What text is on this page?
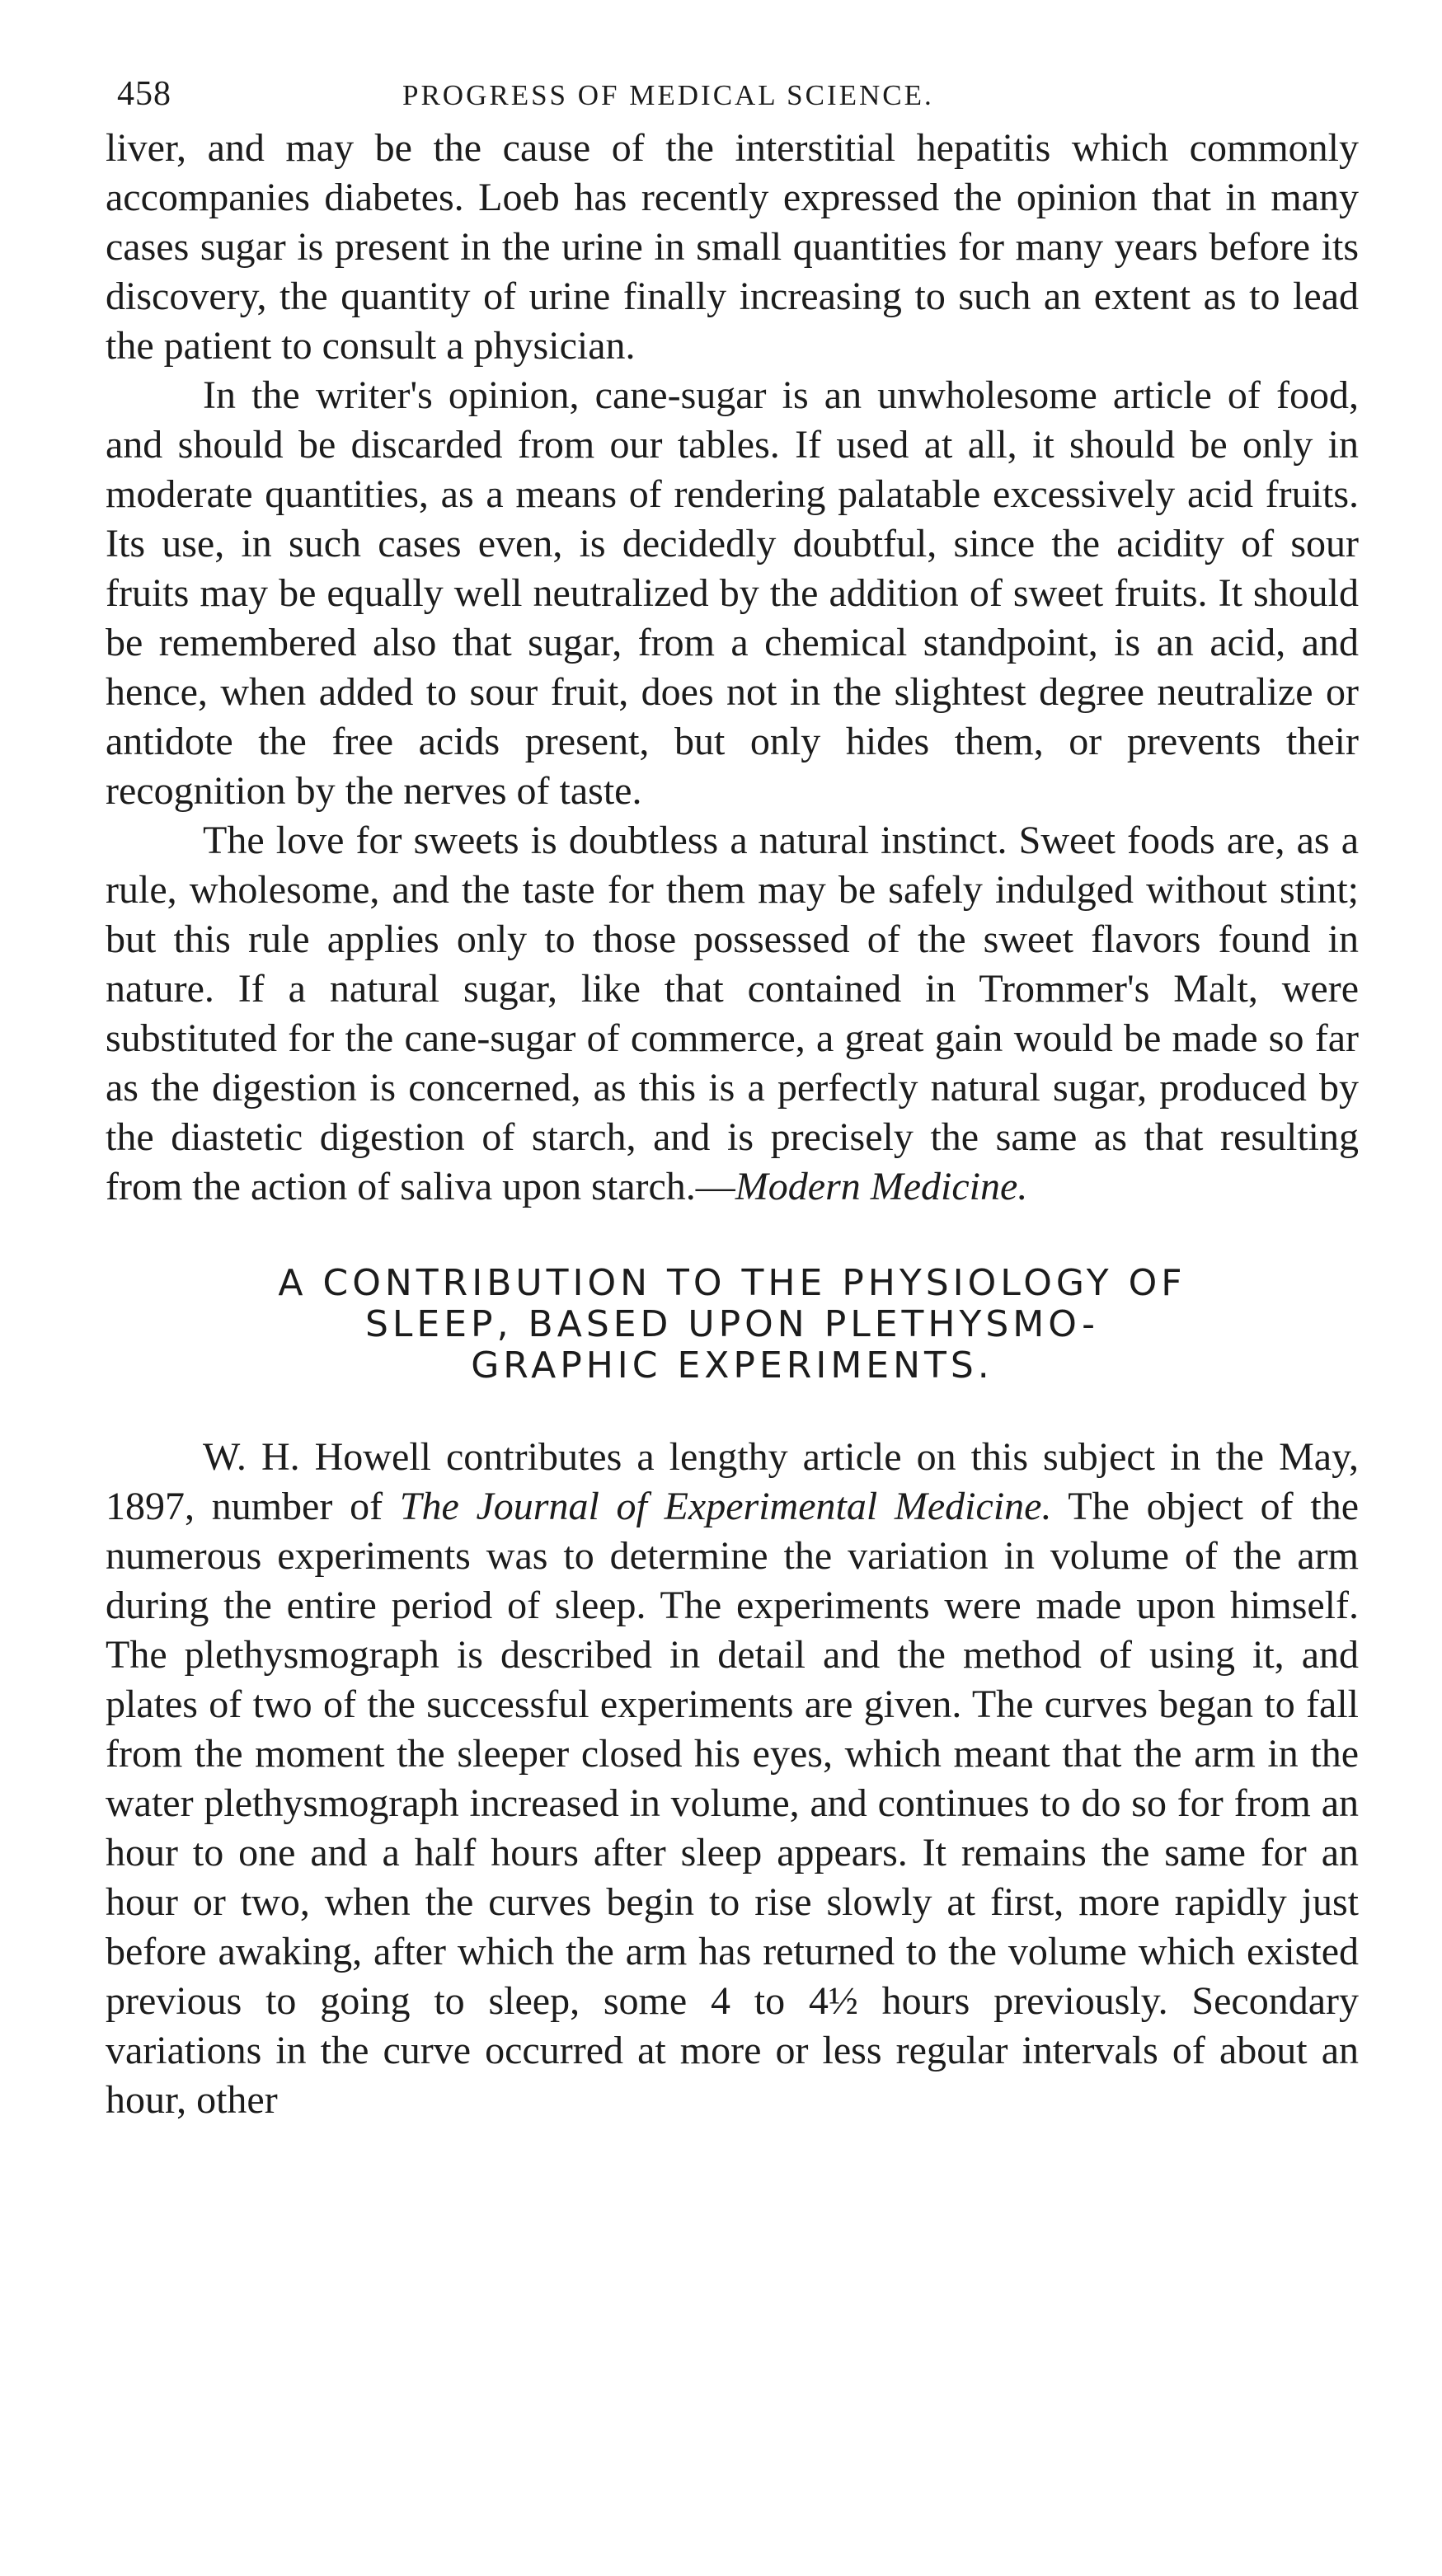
458	PROGRESS OF MEDICAL SCIENCE.

liver, and may be the cause of the interstitial hepatitis which commonly accompanies diabetes. Loeb has recently expressed the opinion that in many cases sugar is present in the urine in small quantities for many years before its discovery, the quantity of urine finally increasing to such an extent as to lead the patient to consult a physician.

In the writer's opinion, cane-sugar is an unwholesome article of food, and should be discarded from our tables. If used at all, it should be only in moderate quantities, as a means of rendering palatable excessively acid fruits. Its use, in such cases even, is decidedly doubtful, since the acidity of sour fruits may be equally well neutralized by the addition of sweet fruits. It should be remembered also that sugar, from a chemical standpoint, is an acid, and hence, when added to sour fruit, does not in the slightest degree neutralize or antidote the free acids present, but only hides them, or prevents their recognition by the nerves of taste.

The love for sweets is doubtless a natural instinct. Sweet foods are, as a rule, wholesome, and the taste for them may be safely indulged without stint; but this rule applies only to those possessed of the sweet flavors found in nature. If a natural sugar, like that contained in Trommer's Malt, were substituted for the cane-sugar of commerce, a great gain would be made so far as the digestion is concerned, as this is a perfectly natural sugar, produced by the diastetic digestion of starch, and is precisely the same as that resulting from the action of saliva upon starch.—Modern Medicine.

A CONTRIBUTION TO THE PHYSIOLOGY OF
SLEEP, BASED UPON PLETHYSMO-
GRAPHIC EXPERIMENTS.

W. H. Howell contributes a lengthy article on this subject in the May, 1897, number of The Journal of Experimental Medicine. The object of the numerous experiments was to determine the variation in volume of the arm during the entire period of sleep. The experiments were made upon himself. The plethysmograph is described in detail and the method of using it, and plates of two of the successful experiments are given. The curves began to fall from the moment the sleeper closed his eyes, which meant that the arm in the water plethysmograph increased in volume, and continues to do so for from an hour to one and a half hours after sleep appears. It remains the same for an hour or two, when the curves begin to rise slowly at first, more rapidly just before awaking, after which the arm has returned to the volume which existed previous to going to sleep, some 4 to 4½ hours previously. Secondary variations in the curve occurred at more or less regular intervals of about an hour, other
